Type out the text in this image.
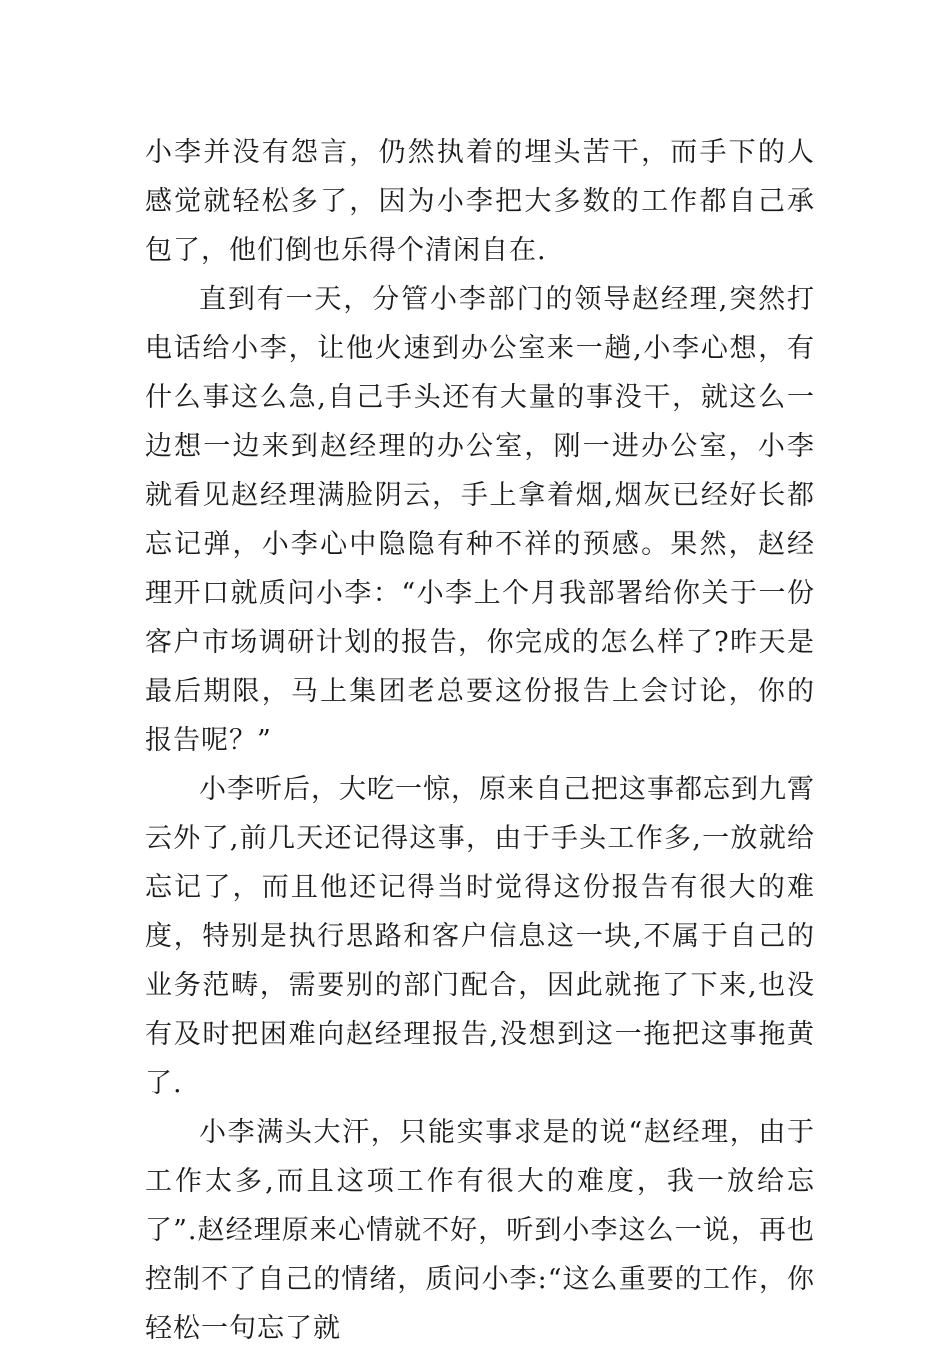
小李并没有怨言，仍然执着的埋头苦干，而手下的人感觉就轻松多了，因为小李把大多数的工作都自己承包了，他们倒也乐得个清闲自在.

直到有一天，分管小李部门的领导赵经理,突然打电话给小李，让他火速到办公室来一趟,小李心想，有什么事这么急,自己手头还有大量的事没干，就这么一边想一边来到赵经理的办公室，刚一进办公室，小李就看见赵经理满脸阴云，手上拿着烟,烟灰已经好长都忘记弹，小李心中隐隐有种不祥的预感。果然，赵经理开口就质问小李：“小李上个月我部署给你关于一份客户市场调研计划的报告，你完成的怎么样了?昨天是最后期限，马上集团老总要这份报告上会讨论，你的报告呢？”

小李听后，大吃一惊，原来自己把这事都忘到九霄云外了,前几天还记得这事，由于手头工作多,一放就给忘记了，而且他还记得当时觉得这份报告有很大的难度，特别是执行思路和客户信息这一块,不属于自己的业务范畴，需要别的部门配合，因此就拖了下来,也没有及时把困难向赵经理报告,没想到这一拖把这事拖黄了.

小李满头大汗，只能实事求是的说“赵经理，由于工作太多,而且这项工作有很大的难度，我一放给忘了”.赵经理原来心情就不好，听到小李这么一说，再也控制不了自己的情绪，质问小李:“这么重要的工作，你轻松一句忘了就
